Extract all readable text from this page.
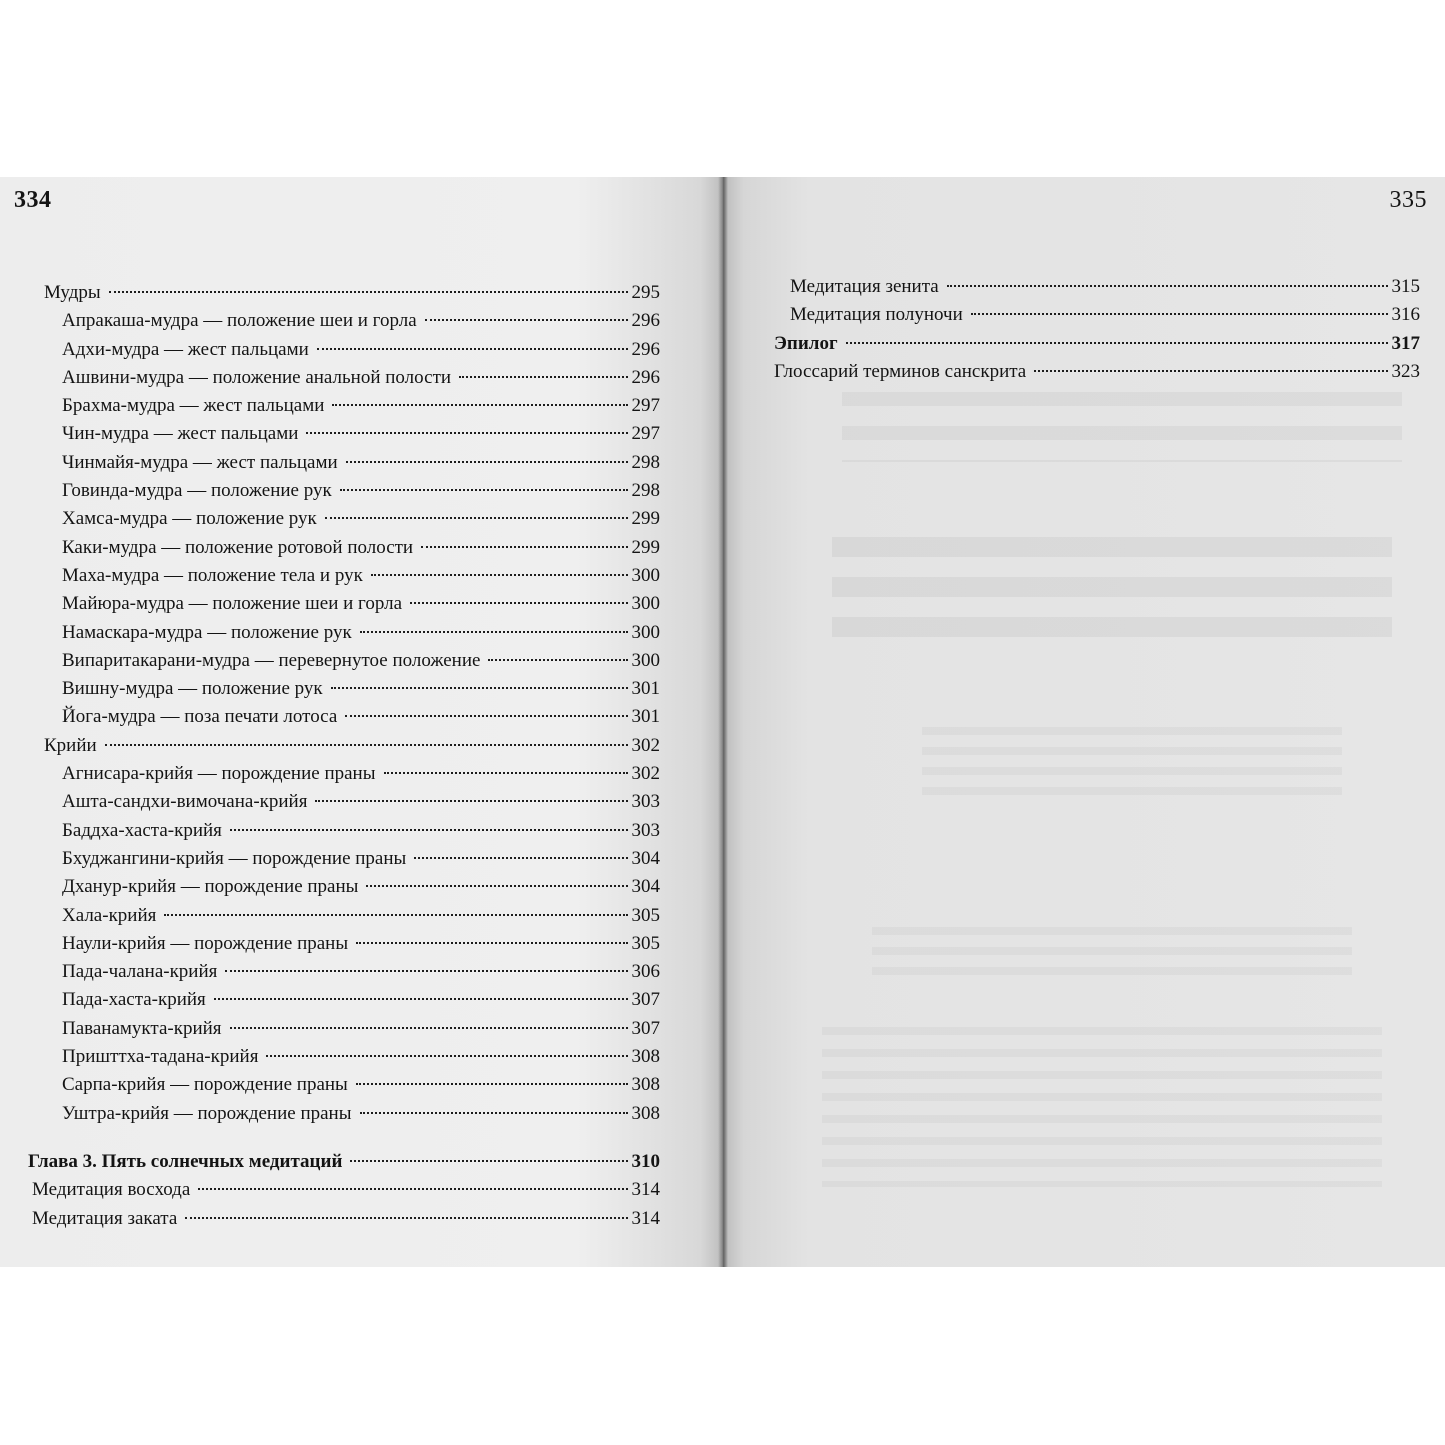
334
Мудры	295
Апракаша-мудра — положение шеи и горла	296
Адхи-мудра — жест пальцами	296
Ашвини-мудра — положение анальной полости	296
Брахма-мудра — жест пальцами	297
Чин-мудра — жест пальцами	297
Чинмайя-мудра — жест пальцами	298
Говинда-мудра — положение рук	298
Хамса-мудра — положение рук	299
Каки-мудра — положение ротовой полости	299
Маха-мудра — положение тела и рук	300
Майюра-мудра — положение шеи и горла	300
Намаскара-мудра — положение рук	300
Випаритакарани-мудра — перевернутое положение	300
Вишну-мудра — положение рук	301
Йога-мудра — поза печати лотоса	301
Крийи	302
Агнисара-крийя — порождение праны	302
Ашта-сандхи-вимочана-крийя	303
Баддха-хаста-крийя	303
Бхуджангини-крийя — порождение праны	304
Дханур-крийя — порождение праны	304
Хала-крийя	305
Наули-крийя — порождение праны	305
Пада-чалана-крийя	306
Пада-хаста-крийя	307
Паванамукта-крийя	307
Пришттха-тадана-крийя	308
Сарпа-крийя — порождение праны	308
Уштра-крийя — порождение праны	308
Глава 3. Пять солнечных медитаций	310
Медитация восхода	314
Медитация заката	314
335
Медитация зенита	315
Медитация полуночи	316
Эпилог	317
Глоссарий терминов санскрита	323
